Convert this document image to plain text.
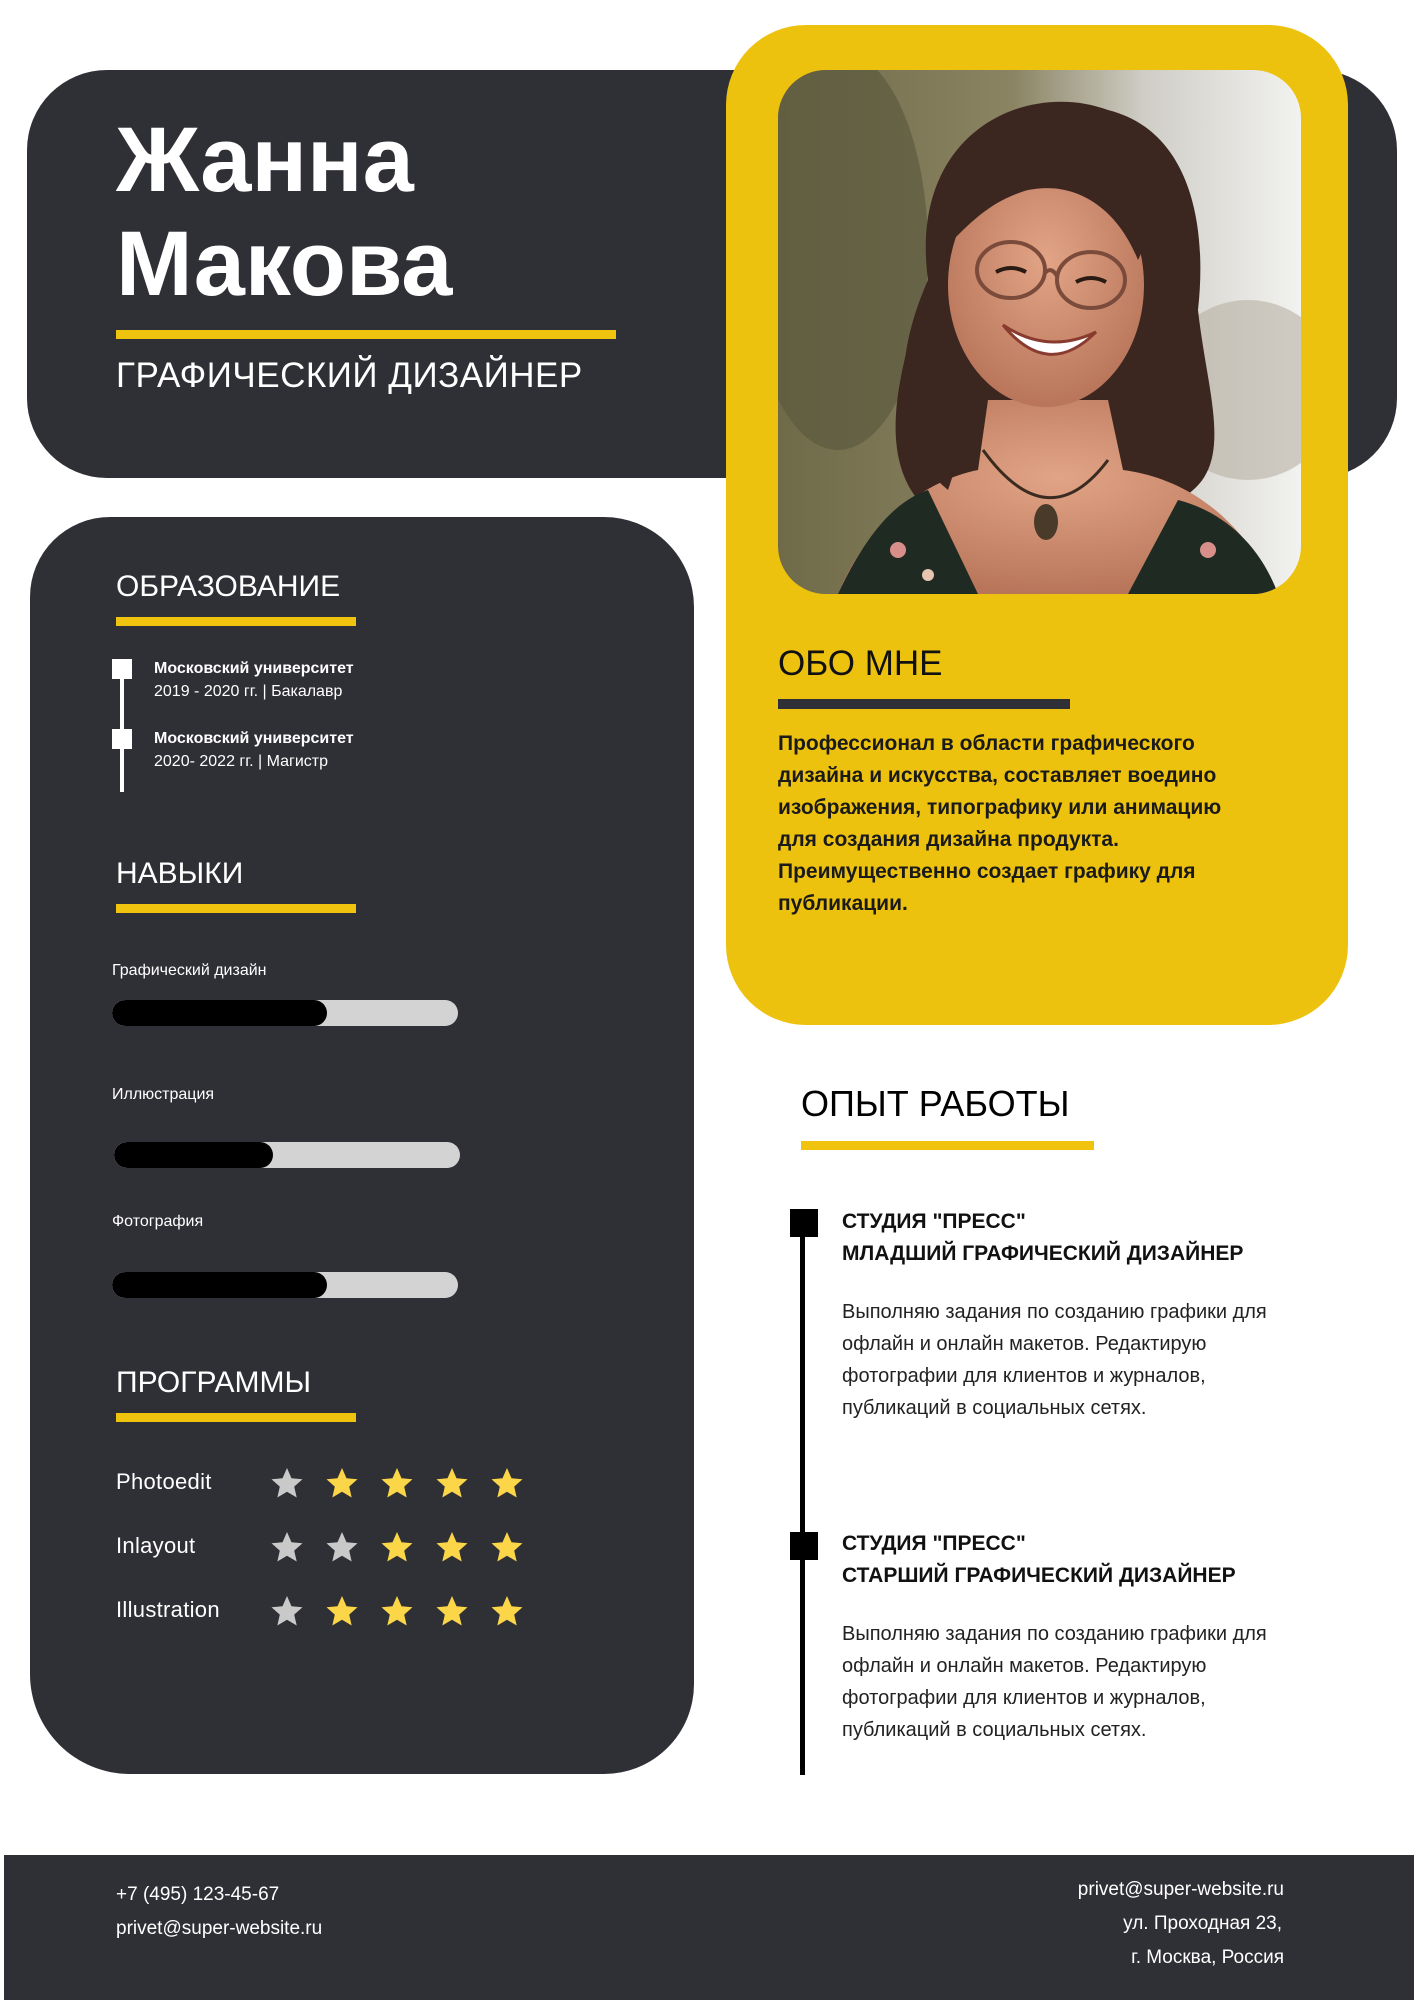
Жанна
Макова
ГРАФИЧЕСКИЙ ДИЗАЙНЕР
ОБО МНЕ
Профессионал в области графического дизайна и искусства, составляет воедино изображения, типографику или анимацию для создания дизайна продукта. Преимущественно создает графику для публикации.
ОБРАЗОВАНИЕ
Московский университет
2019 - 2020 гг. | Бакалавр
Московский университет
2020- 2022 гг. | Магистр
НАВЫКИ
Графический дизайн
Иллюстрация
Фотография
ПРОГРАММЫ
Photoedit
Inlayout
Illustration
ОПЫТ РАБОТЫ
СТУДИЯ "ПРЕСС"
МЛАДШИЙ ГРАФИЧЕСКИЙ ДИЗАЙНЕР
Выполняю задания по созданию графики для офлайн и онлайн макетов. Редактирую фотографии для клиентов и журналов, публикаций в социальных сетях.
СТУДИЯ "ПРЕСС"
СТАРШИЙ ГРАФИЧЕСКИЙ ДИЗАЙНЕР
Выполняю задания по созданию графики для офлайн и онлайн макетов. Редактирую фотографии для клиентов и журналов, публикаций в социальных сетях.
+7 (495) 123-45-67
privet@super-website.ru
privet@super-website.ru
ул. Проходная 23,
г. Москва, Россия
